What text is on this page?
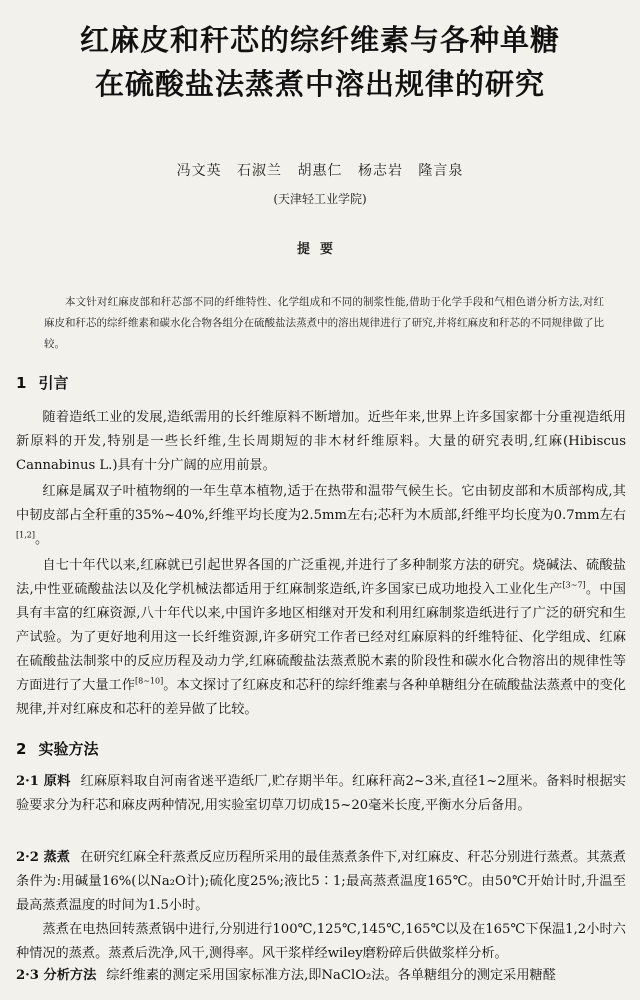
红麻皮和秆芯的综纤维素与各种单糖
在硫酸盐法蒸煮中溶出规律的研究
冯文英 石淑兰 胡惠仁 杨志岩 隆言泉
(天津轻工业学院)
提要
本文针对红麻皮部和秆芯部不同的纤维特性、化学组成和不同的制浆性能,借助于化学手段和气相色谱分析方法,对红麻皮和秆芯的综纤维素和碳水化合物各组分在硫酸盐法蒸煮中的溶出规律进行了研究,并将红麻皮和秆芯的不同规律做了比较。
1 引言
随着造纸工业的发展,造纸需用的长纤维原料不断增加。近些年来,世界上许多国家都十分重视造纸用新原料的开发,特别是一些长纤维,生长周期短的非木材纤维原料。大量的研究表明,红麻(Hibiscus Cannabinus L.)具有十分广阔的应用前景。
红麻是属双子叶植物纲的一年生草本植物,适于在热带和温带气候生长。它由韧皮部和木质部构成,其中韧皮部占全秆重的35%~40%,纤维平均长度为2.5mm左右;芯秆为木质部,纤维平均长度为0.7mm左右[1,2]。
自七十年代以来,红麻就已引起世界各国的广泛重视,并进行了多种制浆方法的研究。烧碱法、硫酸盐法,中性亚硫酸盐法以及化学机械法都适用于红麻制浆造纸,许多国家已成功地投入工业化生产[3~7]。中国具有丰富的红麻资源,八十年代以来,中国许多地区相继对开发和利用红麻制浆造纸进行了广泛的研究和生产试验。为了更好地利用这一长纤维资源,许多研究工作者已经对红麻原料的纤维特征、化学组成、红麻在硫酸盐法制浆中的反应历程及动力学,红麻硫酸盐法蒸煮脱木素的阶段性和碳水化合物溶出的规律性等方面进行了大量工作[8~10]。本文探讨了红麻皮和芯秆的综纤维素与各种单糖组分在硫酸盐法蒸煮中的变化规律,并对红麻皮和芯秆的差异做了比较。
2 实验方法
2·1 原料 红麻原料取自河南省迷平造纸厂,贮存期半年。红麻秆高2~3米,直径1~2厘米。备料时根据实验要求分为秆芯和麻皮两种情况,用实验室切草刀切成15~20毫米长度,平衡水分后备用。
2·2 蒸煮 在研究红麻全秆蒸煮反应历程所采用的最佳蒸煮条件下,对红麻皮、秆芯分别进行蒸煮。其蒸煮条件为:用碱量16%(以Na₂O计);硫化度25%;液比5∶1;最高蒸煮温度165℃。由50℃开始计时,升温至最高蒸煮温度的时间为1.5小时。
蒸煮在电热回转蒸煮锅中进行,分别进行100℃,125℃,145℃,165℃以及在165℃下保温1,2小时六种情况的蒸煮。蒸煮后洗净,风干,测得率。风干浆样经wiley磨粉碎后供做浆样分析。
2·3 分析方法 综纤维素的测定采用国家标准方法,即NaClO₂法。各单糖组分的测定采用糖醛
